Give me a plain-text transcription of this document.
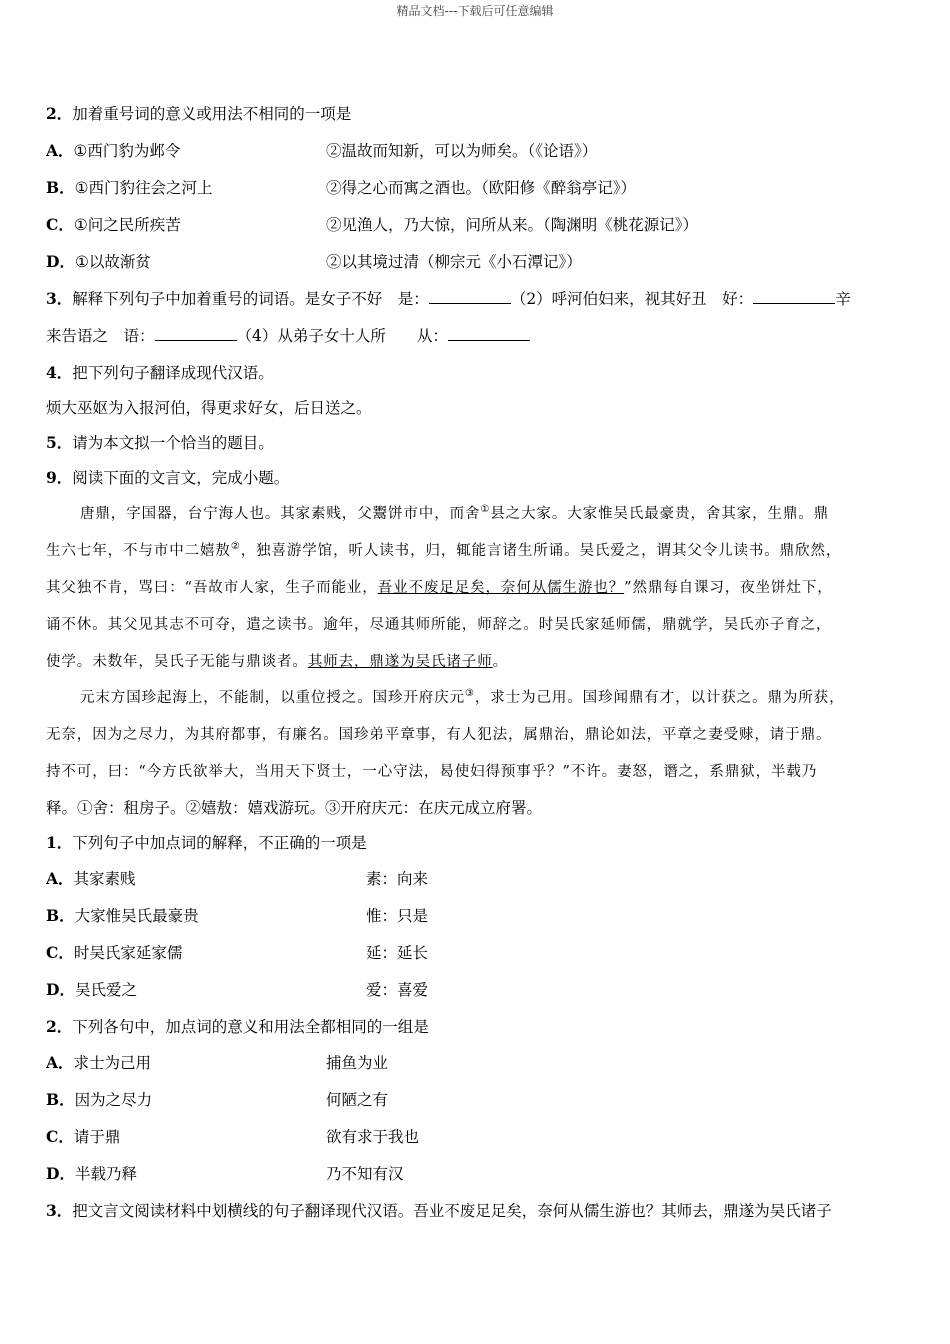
精品文档---下载后可任意编辑
2．加着重号词的意义或用法不相同的一项是
A．①西门豹为邺令	②温故而知新，可以为师矣。（《论语》）
B．①西门豹往会之河上	②得之心而寓之酒也。（欧阳修《醉翁亭记》）
C．①问之民所疾苦	②见渔人，乃大惊，问所从来。（陶渊明《桃花源记》）
D．①以故渐贫	②以其境过清（柳宗元《小石潭记》）
3．解释下列句子中加着重号的词语。是女子不好　是：	（2）呼河伯妇来，视其好丑　好：	辛
来告语之　语：	（4）从弟子女十人所　　从：
4．把下列句子翻译成现代汉语。
烦大巫妪为入报河伯，得更求好女，后日送之。
5．请为本文拟一个恰当的题目。
9．阅读下面的文言文，完成小题。
唐鼎，字国器，台宁海人也。其家素贱，父鬻饼市中，而舍①县之大家。大家惟吴氏最豪贵，舍其家，生鼎。鼎
生六七年，不与市中二嬉敖②，独喜游学馆，听人读书，归，辄能言诸生所诵。吴氏爱之，谓其父令儿读书。鼎欣然，
其父独不肯，骂曰：“吾故市人家，生子而能业，吾业不废足足矣，奈何从儒生游也？”然鼎每自课习，夜坐饼灶下，
诵不休。其父见其志不可夺，遣之读书。逾年，尽通其师所能，师辞之。时吴氏家延师儒，鼎就学，吴氏亦子育之，
使学。未数年，吴氏子无能与鼎谈者。其师去，鼎遂为吴氏诸子师。
元末方国珍起海上，不能制，以重位授之。国珍开府庆元③，求士为己用。国珍闻鼎有才，以计获之。鼎为所获，
无奈，因为之尽力，为其府都事，有廉名。国珍弟平章事，有人犯法，属鼎治，鼎论如法，平章之妻受赇，请于鼎。
持不可，曰：“今方氏欲举大，当用天下贤士，一心守法，曷使妇得预事乎？”不许。妻怒，谮之，系鼎狱，半载乃
释。①舍：租房子。②嬉敖：嬉戏游玩。③开府庆元：在庆元成立府署。
1．下列句子中加点词的解释，不正确的一项是
A．其家素贱	素：向来
B．大家惟吴氏最豪贵	惟：只是
C．时吴氏家延家儒	延：延长
D．吴氏爱之	爱：喜爱
2．下列各句中，加点词的意义和用法全都相同的一组是
A．求士为己用	捕鱼为业
B．因为之尽力	何陋之有
C．请于鼎	欲有求于我也
D．半载乃释	乃不知有汉
3．把文言文阅读材料中划横线的句子翻译现代汉语。吾业不废足足矣，奈何从儒生游也？其师去，鼎遂为吴氏诸子
